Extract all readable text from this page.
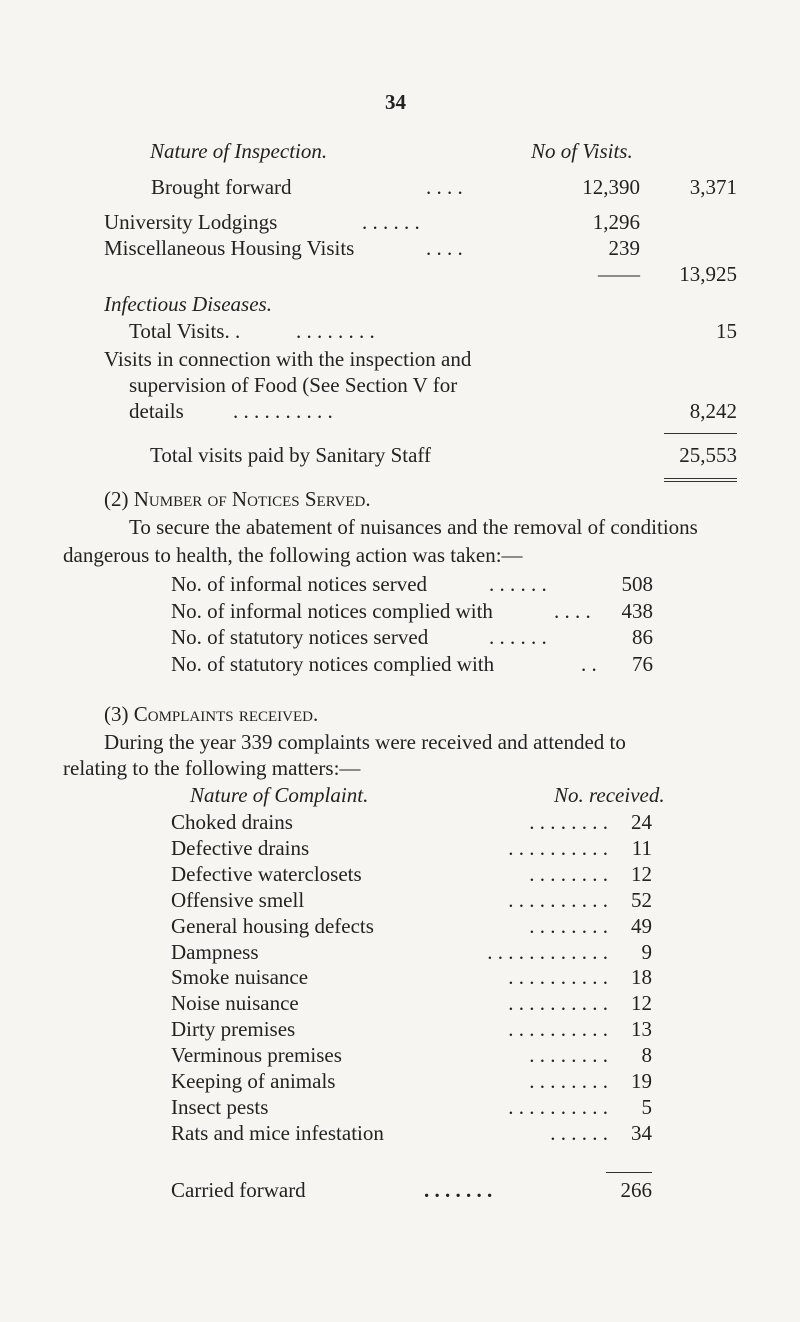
34
Nature of Inspection.	No of Visits.
Brought forward	. . . .	12,390	3,371
University Lodgings	. . . . . .	1,296
Miscellaneous Housing Visits	. . . .	239
——	13,925
Infectious Diseases.
Total Visits. .	. . . . . . . .	15
Visits in connection with the inspection and
supervision of Food (See Section V for
details . . . . . . . . . .	8,242
Total visits paid by Sanitary Staff	25,553
(2) Number of Notices Served.
To secure the abatement of nuisances and the removal of conditions
dangerous to health, the following action was taken:—
No. of informal notices served	. . . . . .	508
No. of informal notices complied with	. . . .	438
No. of statutory notices served	. . . . . .	86
No. of statutory notices complied with	. .	76
(3) Complaints received.
During the year 339 complaints were received and attended to
relating to the following matters:—
Nature of Complaint.	No. received.
Choked drains	. . . . . . . .	24
Defective drains	. . . . . . . . . .	11
Defective waterclosets	. . . . . . . .	12
Offensive smell	. . . . . . . . . .	52
General housing defects	. . . . . . . .	49
Dampness	. . . . . . . . . . . .	9
Smoke nuisance	. . . . . . . . . .	18
Noise nuisance	. . . . . . . . . .	12
Dirty premises	. . . . . . . . . .	13
Verminous premises	. . . . . . . .	8
Keeping of animals	. . . . . . . .	19
Insect pests	. . . . . . . . . .	5
Rats and mice infestation	. . . . . .	34
Carried forward	. . . . . . .	266
